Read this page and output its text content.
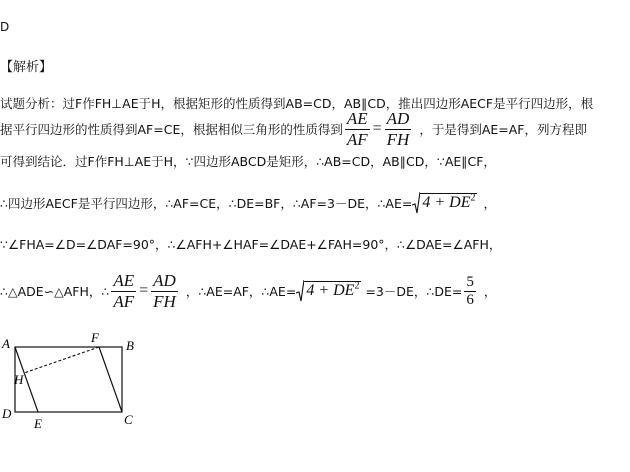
D
【解析】
试题分析：过F作FH⊥AE于H，根据矩形的性质得到AB=CD，AB∥CD，推出四边形AECF是平行四边形，根
据平行四边形的性质得到AF=CE，根据相似三角形的性质得到 $\frac{AE}{AF} = \frac{AD}{FH}$ ，于是得到AE=AF，列方程即
可得到结论．过F作FH⊥AE于H，∵四边形ABCD是矩形，∴AB=CD，AB∥CD，∵AE∥CF，
∴四边形AECF是平行四边形，∴AF=CE，∴DE=BF，∴AF=3－DE，∴AE= $4 + DE^2$ ，
∵∠FHA=∠D=∠DAF=90°，∴∠AFH+∠HAF=∠DAE+∠FAH=90°，∴∠DAE=∠AFH，
∴△ADE∽△AFH，∴ $\frac{AE}{AF} = \frac{AD}{FH}$ ，∴AE=AF，∴AE= $4 + DE^2 =3-DE$，∴DE= $\frac{5}{6}$ ，
A	F
B
H
D
E	C
